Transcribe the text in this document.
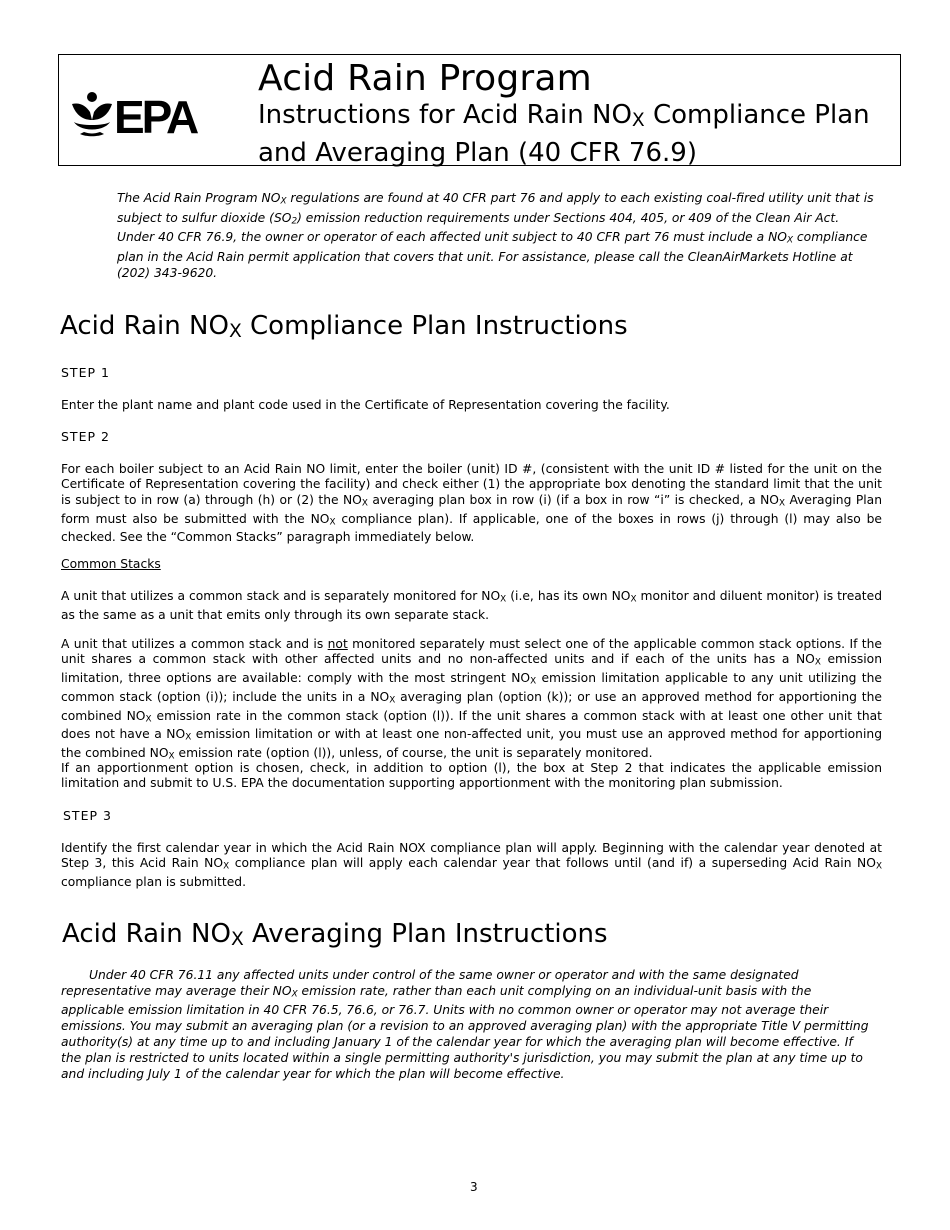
EPA
Acid Rain Program
Instructions for Acid Rain NOX Compliance Plan and Averaging Plan (40 CFR 76.9)
The Acid Rain Program NOX regulations are found at 40 CFR part 76 and apply to each existing coal-fired utility unit that is subject to sulfur dioxide (SO2) emission reduction requirements under Sections 404, 405, or 409 of the Clean Air Act. Under 40 CFR 76.9, the owner or operator of each affected unit subject to 40 CFR part 76 must include a NOX compliance plan in the Acid Rain permit application that covers that unit. For assistance, please call the CleanAirMarkets Hotline at (202) 343-9620.
Acid Rain NOX Compliance Plan Instructions
STEP 1
Enter the plant name and plant code used in the Certificate of Representation covering the facility.
STEP 2
For each boiler subject to an Acid Rain NO limit, enter the boiler (unit) ID #, (consistent with the unit ID # listed for the unit on the Certificate of Representation covering the facility) and check either (1) the appropriate box denoting the standard limit that the unit is subject to in row (a) through (h) or (2) the NOX averaging plan box in row (i) (if a box in row “i” is checked, a NOX Averaging Plan form must also be submitted with the NOX compliance plan). If applicable, one of the boxes in rows (j) through (l) may also be checked. See the “Common Stacks” paragraph immediately below.
Common Stacks
A unit that utilizes a common stack and is separately monitored for NOX (i.e, has its own NOX monitor and diluent monitor) is treated as the same as a unit that emits only through its own separate stack.
A unit that utilizes a common stack and is not monitored separately must select one of the applicable common stack options. If the unit shares a common stack with other affected units and no non-affected units and if each of the units has a NOX emission limitation, three options are available: comply with the most stringent NOX emission limitation applicable to any unit utilizing the common stack (option (i)); include the units in a NOX averaging plan (option (k)); or use an approved method for apportioning the combined NOX emission rate in the common stack (option (l)). If the unit shares a common stack with at least one other unit that does not have a NOX emission limitation or with at least one non-affected unit, you must use an approved method for apportioning the combined NOX emission rate (option (l)), unless, of course, the unit is separately monitored.
If an apportionment option is chosen, check, in addition to option (l), the box at Step 2 that indicates the applicable emission limitation and submit to U.S. EPA the documentation supporting apportionment with the monitoring plan submission.
STEP 3
Identify the first calendar year in which the Acid Rain NOX compliance plan will apply. Beginning with the calendar year denoted at Step 3, this Acid Rain NOX compliance plan will apply each calendar year that follows until (and if) a superseding Acid Rain NOX compliance plan is submitted.
Acid Rain NOX Averaging Plan Instructions
Under 40 CFR 76.11 any affected units under control of the same owner or operator and with the same designated representative may average their NOX emission rate, rather than each unit complying on an individual-unit basis with the applicable emission limitation in 40 CFR 76.5, 76.6, or 76.7. Units with no common owner or operator may not average their emissions. You may submit an averaging plan (or a revision to an approved averaging plan) with the appropriate Title V permitting authority(s) at any time up to and including January 1 of the calendar year for which the averaging plan will become effective. If the plan is restricted to units located within a single permitting authority's jurisdiction, you may submit the plan at any time up to and including July 1 of the calendar year for which the plan will become effective.
3
